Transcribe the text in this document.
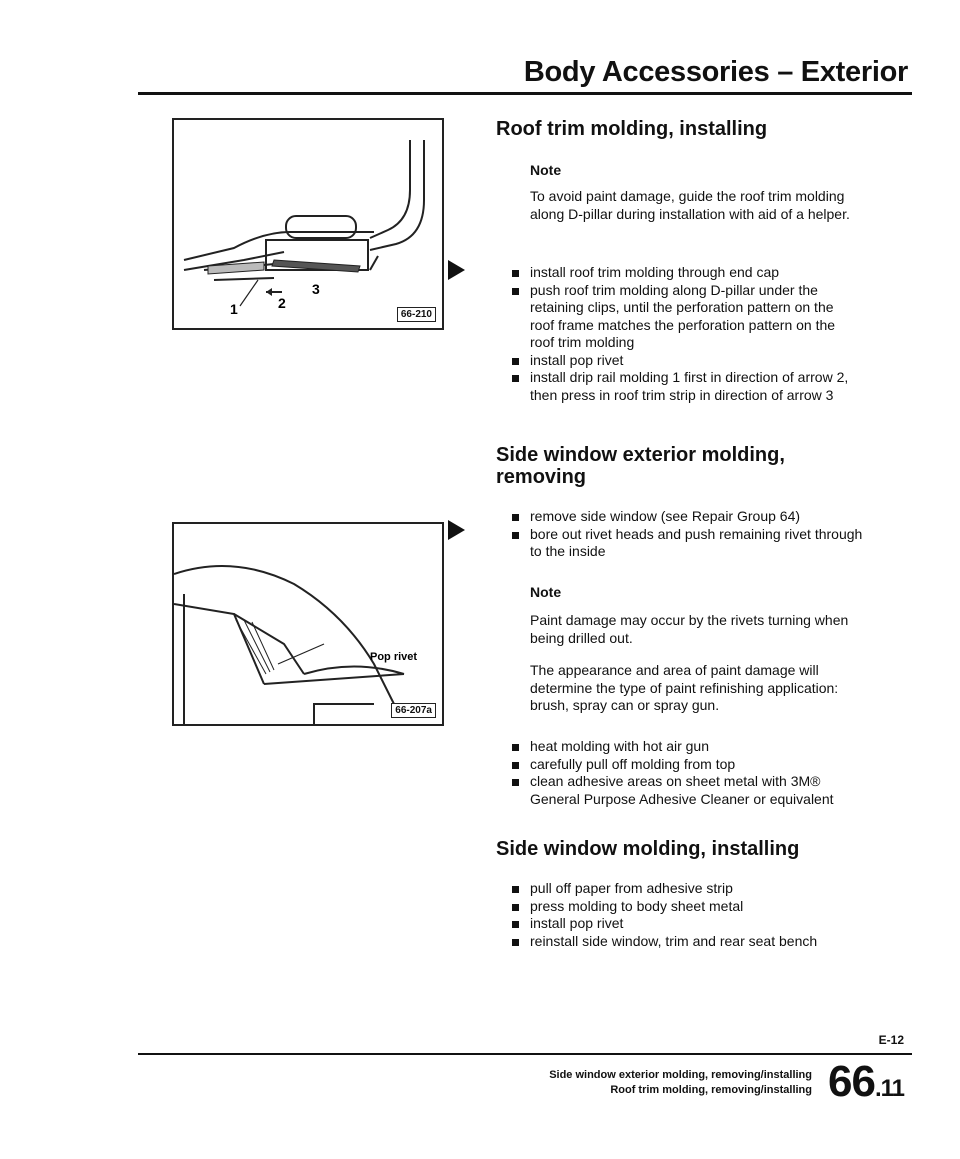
Body Accessories – Exterior
1	2
3
66-210
Pop rivet
66-207a
Roof trim molding, installing
Note

To avoid paint damage, guide the roof trim molding along D-pillar during installation with aid of a helper.

install roof trim molding through end cap
push roof trim molding along D-pillar under the retaining clips, until the perforation pattern on the roof frame matches the perforation pattern on the roof trim molding
install pop rivet
install drip rail molding 1 first in direction of arrow 2, then press in roof trim strip in direction of arrow 3
Side window exterior molding, removing
remove side window (see Repair Group 64)
bore out rivet heads and push remaining rivet through to the inside
Note

Paint damage may occur by the rivets turning when being drilled out.

The appearance and area of paint damage will determine the type of paint refinishing application: brush, spray can or spray gun.

heat molding with hot air gun
carefully pull off molding from top
clean adhesive areas on sheet metal with 3M® General Purpose Adhesive Cleaner or equivalent
Side window molding, installing
pull off paper from adhesive strip
press molding to body sheet metal
install pop rivet
reinstall side window, trim and rear seat bench
E-12
Side window exterior molding, removing/installing
Roof trim molding, removing/installing 66.11
